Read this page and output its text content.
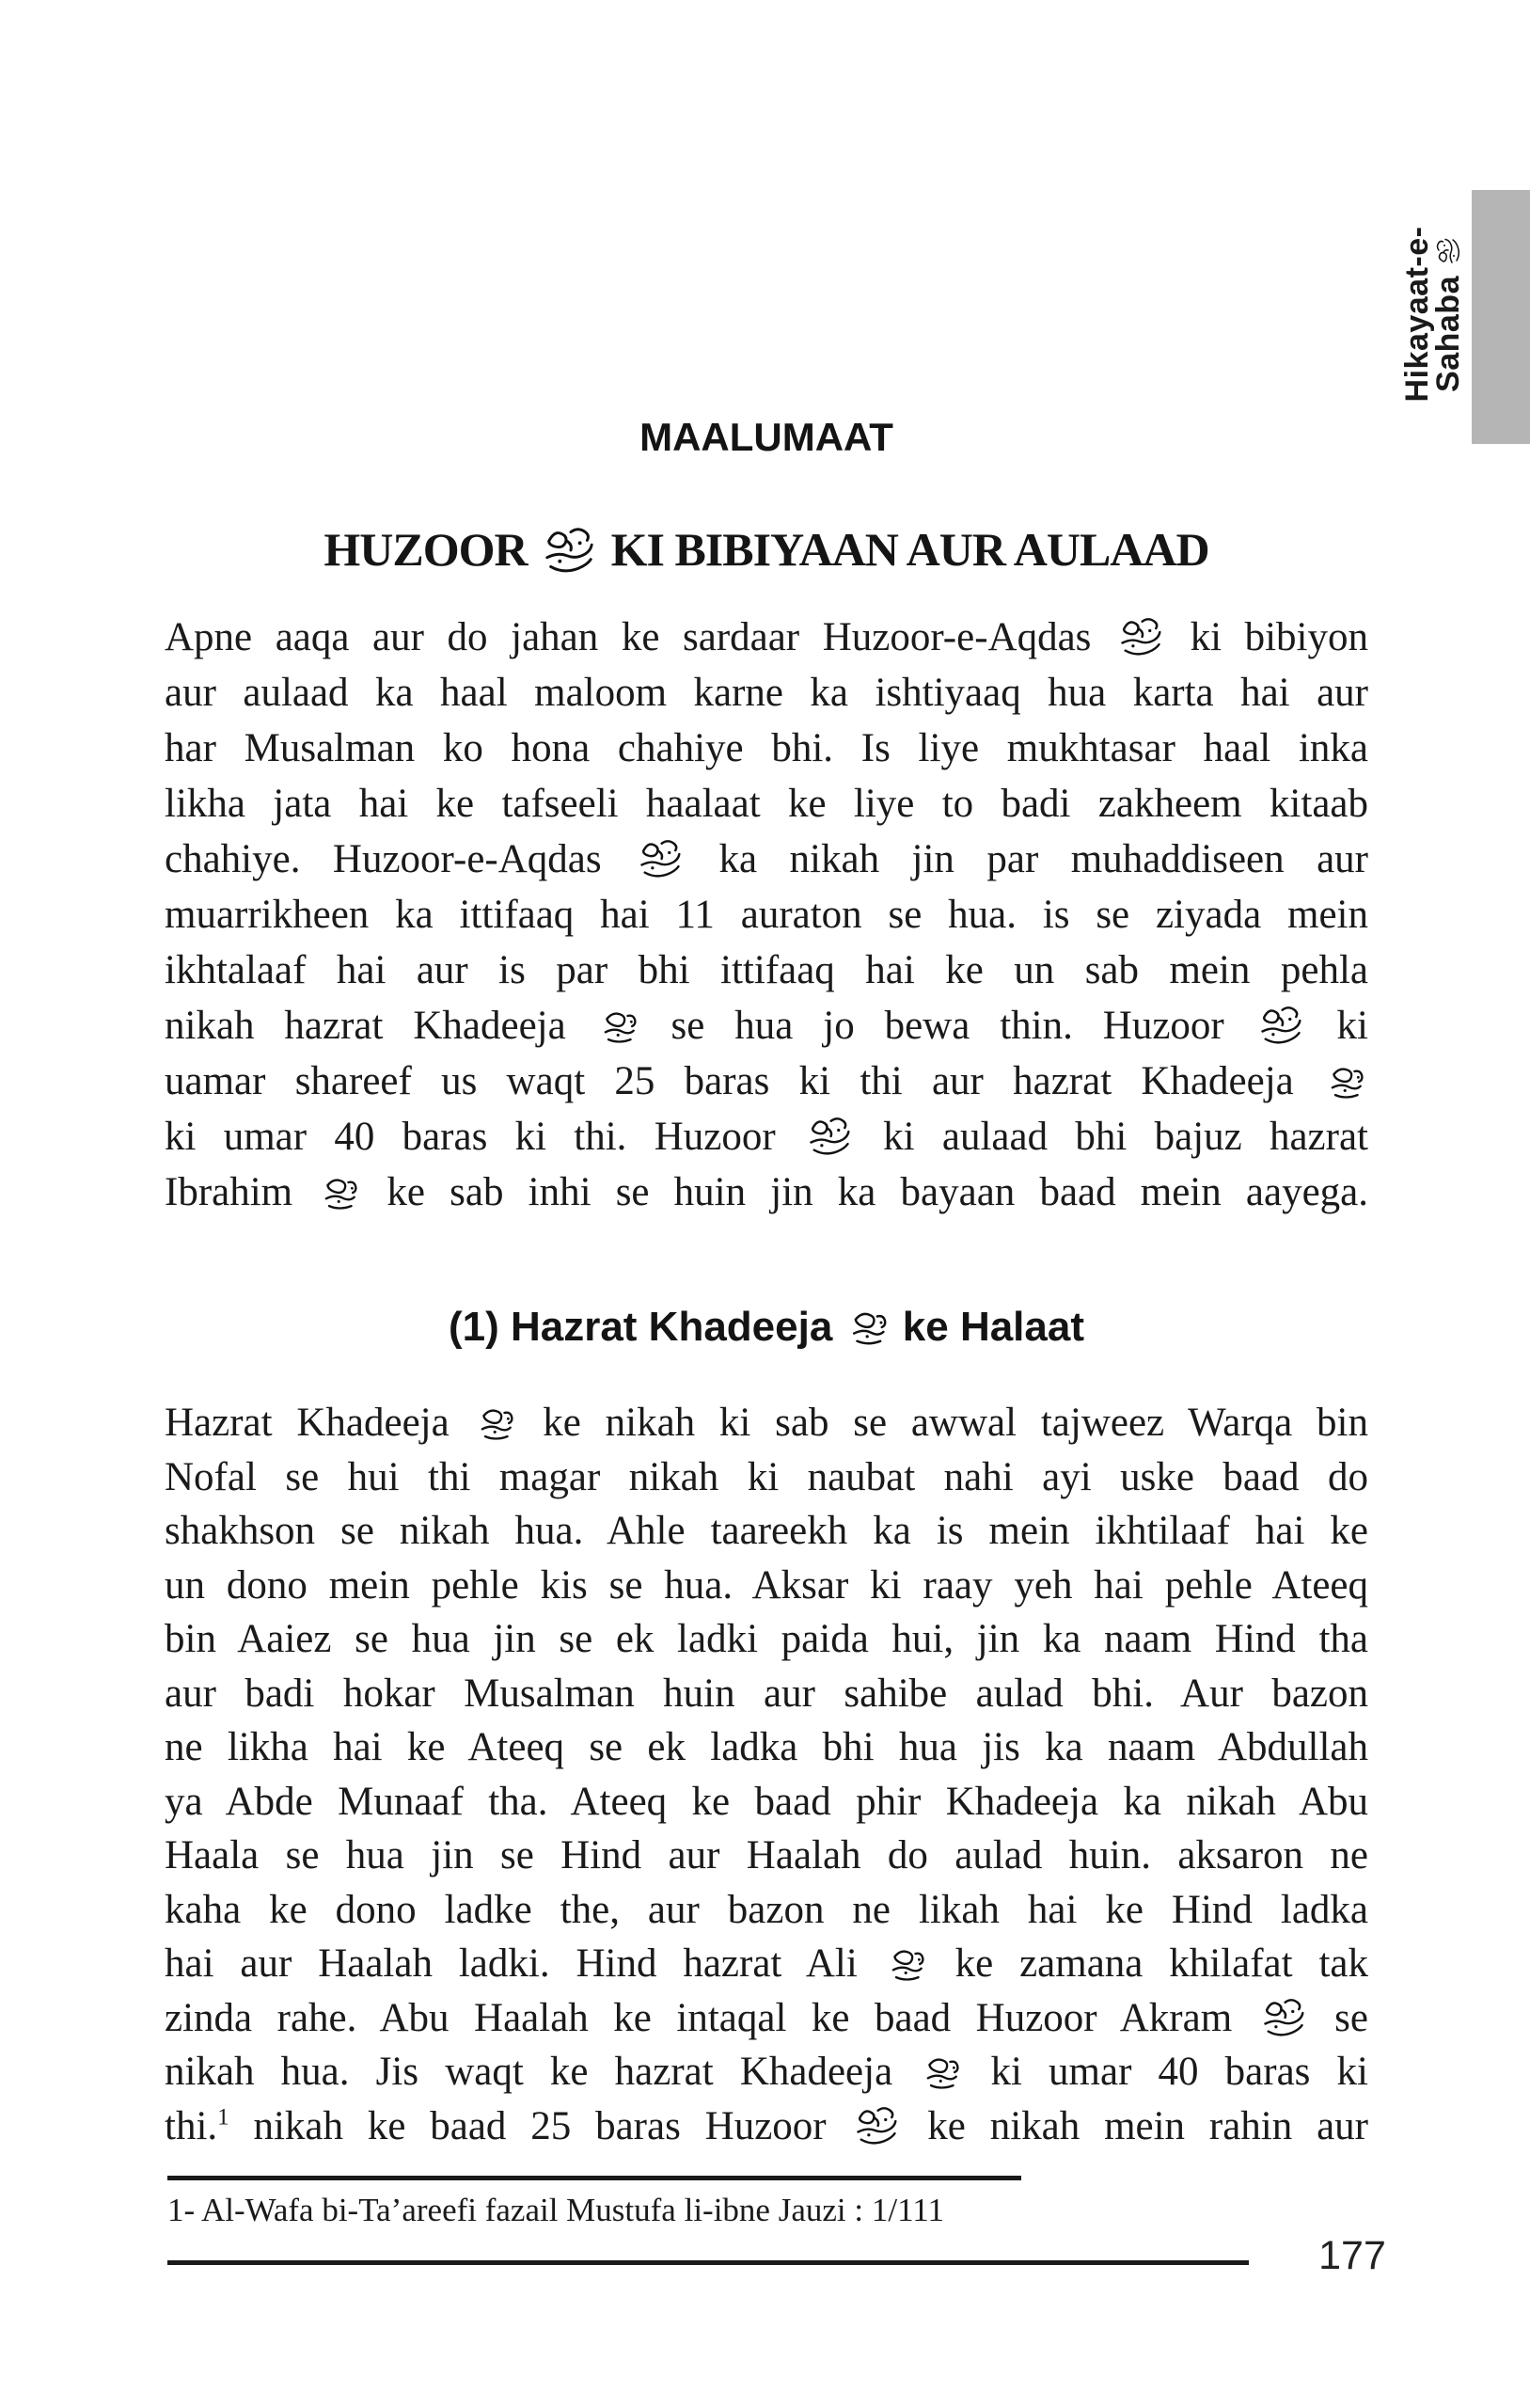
Hikayaat-e-
Sahaba
MAALUMAAT
HUZOOR  KI BIBIYAAN AUR AULAAD
Apne aaqa aur do jahan ke sardaar Huzoor-e-Aqdas  ki bibiyon
aur aulaad ka haal maloom karne ka ishtiyaaq hua karta hai aur
har Musalman ko hona chahiye bhi. Is liye mukhtasar haal inka
likha jata hai ke tafseeli haalaat ke liye to badi zakheem kitaab
chahiye. Huzoor-e-Aqdas  ka nikah jin par muhaddiseen aur
muarrikheen ka ittifaaq hai 11 auraton se hua. is se ziyada mein
ikhtalaaf hai aur is par bhi ittifaaq hai ke un sab mein pehla
nikah hazrat Khadeeja  se hua jo bewa thin. Huzoor  ki
uamar shareef us waqt 25 baras ki thi aur hazrat Khadeeja
ki umar 40 baras ki thi. Huzoor  ki aulaad bhi bajuz hazrat
Ibrahim  ke sab inhi se huin jin ka bayaan baad mein aayega.
(1) Hazrat Khadeeja  ke Halaat
Hazrat Khadeeja  ke nikah ki sab se awwal tajweez Warqa bin
Nofal se hui thi magar nikah ki naubat nahi ayi uske baad do
shakhson se nikah hua. Ahle taareekh ka is mein ikhtilaaf hai ke
un dono mein pehle kis se hua. Aksar ki raay yeh hai pehle Ateeq
bin Aaiez se hua jin se ek ladki paida hui, jin ka naam Hind tha
aur badi hokar Musalman huin aur sahibe aulad bhi. Aur bazon
ne likha hai ke Ateeq se ek ladka bhi hua jis ka naam Abdullah
ya Abde Munaaf tha. Ateeq ke baad phir Khadeeja ka nikah Abu
Haala se hua jin se Hind aur Haalah do aulad huin. aksaron ne
kaha ke dono ladke the, aur bazon ne likah hai ke Hind ladka
hai aur Haalah ladki. Hind hazrat Ali  ke zamana khilafat tak
zinda rahe. Abu Haalah ke intaqal ke baad Huzoor Akram  se
nikah hua. Jis waqt ke hazrat Khadeeja  ki umar 40 baras ki
thi.$^1$ nikah ke baad 25 baras Huzoor  ke nikah mein rahin aur
1- Al-Wafa bi-Ta’areefi fazail Mustufa li-ibne Jauzi : 1/111
177
